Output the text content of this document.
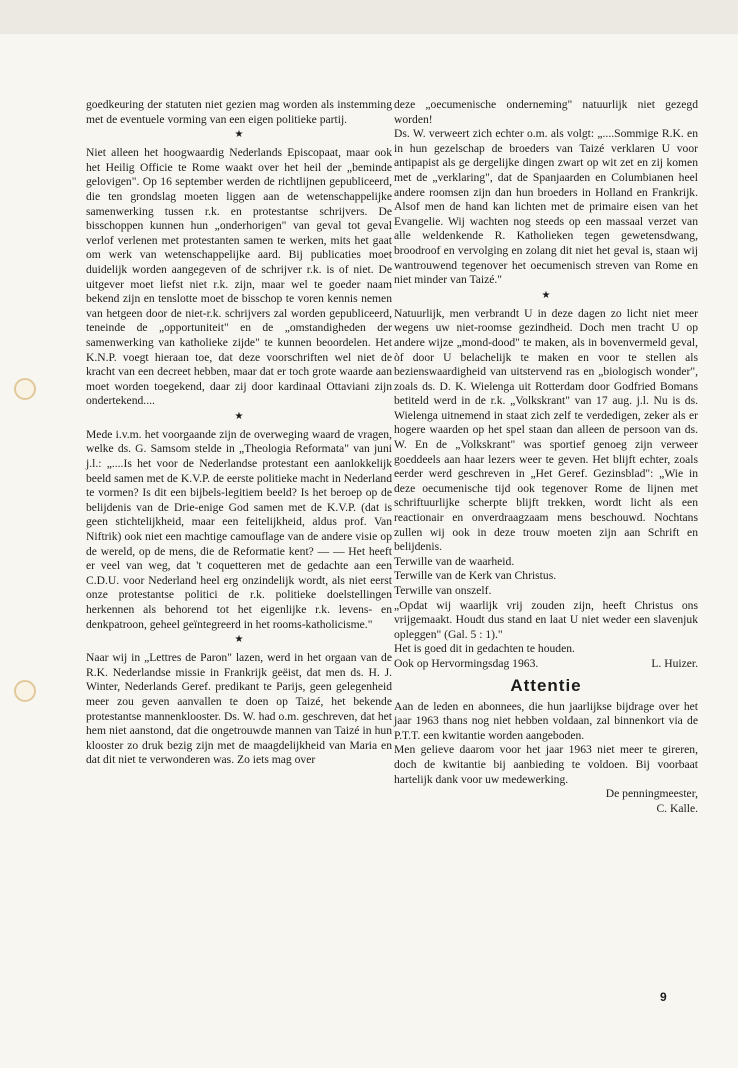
goedkeuring der statuten niet gezien mag worden als instemming met de eventuele vorming van een eigen politieke partij.

★

Niet alleen het hoogwaardig Nederlands Episcopaat, maar ook het Heilig Officie te Rome waakt over het heil der „beminde gelovigen". Op 16 september werden de richtlijnen gepubliceerd, die ten grondslag moeten liggen aan de wetenschappelijke samenwerking tussen r.k. en protestantse schrijvers. De bisschoppen kunnen hun „onderhorigen" van geval tot geval verlof verlenen met protestanten samen te werken, mits het gaat om werk van wetenschappelijke aard. Bij publicaties moet duidelijk worden aangegeven of de schrijver r.k. is of niet. De uitgever moet liefst niet r.k. zijn, maar wel te goeder naam bekend zijn en tenslotte moet de bisschop te voren kennis nemen van hetgeen door de niet-r.k. schrijvers zal worden gepubliceerd, teneinde de „opportuniteit" en de „omstandigheden der samenwerking van katholieke zijde" te kunnen beoordelen. Het K.N.P. voegt hieraan toe, dat deze voorschriften wel niet de kracht van een decreet hebben, maar dat er toch grote waarde aan moet worden toegekend, daar zij door kardinaal Ottaviani zijn ondertekend....

★

Mede i.v.m. het voorgaande zijn de overweging waard de vragen, welke ds. G. Samsom stelde in „Theologia Reformata" van juni j.l.: „....Is het voor de Nederlandse protestant een aanlokkelijk beeld samen met de K.V.P. de eerste politieke macht in Nederland te vormen? Is dit een bijbels-legitiem beeld? Is het beroep op de belijdenis van de Drie-enige God samen met de K.V.P. (dat is geen stichtelijkheid, maar een feitelijkheid, aldus prof. Van Niftrik) ook niet een machtige camouflage van de andere visie op de wereld, op de mens, die de Reformatie kent? — — Het heeft er veel van weg, dat 't coquetteren met de gedachte aan een C.D.U. voor Nederland heel erg onzindelijk wordt, als niet eerst onze protestantse politici de r.k. politieke doelstellingen herkennen als behorend tot het eigenlijke r.k. levens- en denkpatroon, geheel geïntegreerd in het rooms-katholicisme."

★

Naar wij in „Lettres de Paron" lazen, werd in het orgaan van de R.K. Nederlandse missie in Frankrijk geëist, dat men ds. H. J. Winter, Nederlands Geref. predikant te Parijs, geen gelegenheid meer zou geven aanvallen te doen op Taizé, het bekende protestantse mannenklooster. Ds. W. had o.m. geschreven, dat het hem niet aanstond, dat die ongetrouwde mannen van Taizé in hun klooster zo druk bezig zijn met de maagdelijkheid van Maria en dat dit niet te verwonderen was. Zo iets mag over

deze „oecumenische onderneming" natuurlijk niet gezegd worden!

Ds. W. verweert zich echter o.m. als volgt: „....Sommige R.K. en in hun gezelschap de broeders van Taizé verklaren U voor antipapist als ge dergelijke dingen zwart op wit zet en zij komen met de „verklaring", dat de Spanjaarden en Columbianen heel andere roomsen zijn dan hun broeders in Holland en Frankrijk. Alsof men de hand kan lichten met de primaire eisen van het Evangelie. Wij wachten nog steeds op een massaal verzet van alle weldenkende R. Katholieken tegen gewetensdwang, broodroof en vervolging en zolang dit niet het geval is, staan wij wantrouwend tegenover het oecumenisch streven van Rome en niet minder van Taizé."

★

Natuurlijk, men verbrandt U in deze dagen zo licht niet meer wegens uw niet-roomse gezindheid. Doch men tracht U op andere wijze „mond-dood" te maken, als in bovenvermeld geval, òf door U belachelijk te maken en voor te stellen als bezienswaardigheid van uitstervend ras en „biologisch wonder", zoals ds. D. K. Wielenga uit Rotterdam door Godfried Bomans betiteld werd in de r.k. „Volkskrant" van 17 aug. j.l. Nu is ds. Wielenga uitnemend in staat zich zelf te verdedigen, zeker als er hogere waarden op het spel staan dan alleen de persoon van ds. W. En de „Volkskrant" was sportief genoeg zijn verweer goeddeels aan haar lezers weer te geven. Het blijft echter, zoals eerder werd geschreven in „Het Geref. Gezinsblad": „Wie in deze oecumenische tijd ook tegenover Rome de lijnen met schriftuurlijke scherpte blijft trekken, wordt licht als een reactionair en onverdraagzaam mens beschouwd. Nochtans zullen wij ook in deze trouw moeten zijn aan Schrift en belijdenis.

Terwille van de waarheid.

Terwille van de Kerk van Christus.

Terwille van onszelf.

„Opdat wij waarlijk vrij zouden zijn, heeft Christus ons vrijgemaakt. Houdt dus stand en laat U niet weder een slavenjuk opleggen" (Gal. 5 : 1)."

Het is goed dit in gedachten te houden.

Ook op Hervormingsdag 1963.	L. Huizer.
Attentie

Aan de leden en abonnees, die hun jaarlijkse bijdrage over het jaar 1963 thans nog niet hebben voldaan, zal binnenkort via de P.T.T. een kwitantie worden aangeboden.

Men gelieve daarom voor het jaar 1963 niet meer te gireren, doch de kwitantie bij aanbieding te voldoen. Bij voorbaat hartelijk dank voor uw medewerking.

De penningmeester,
C. Kalle.
9
